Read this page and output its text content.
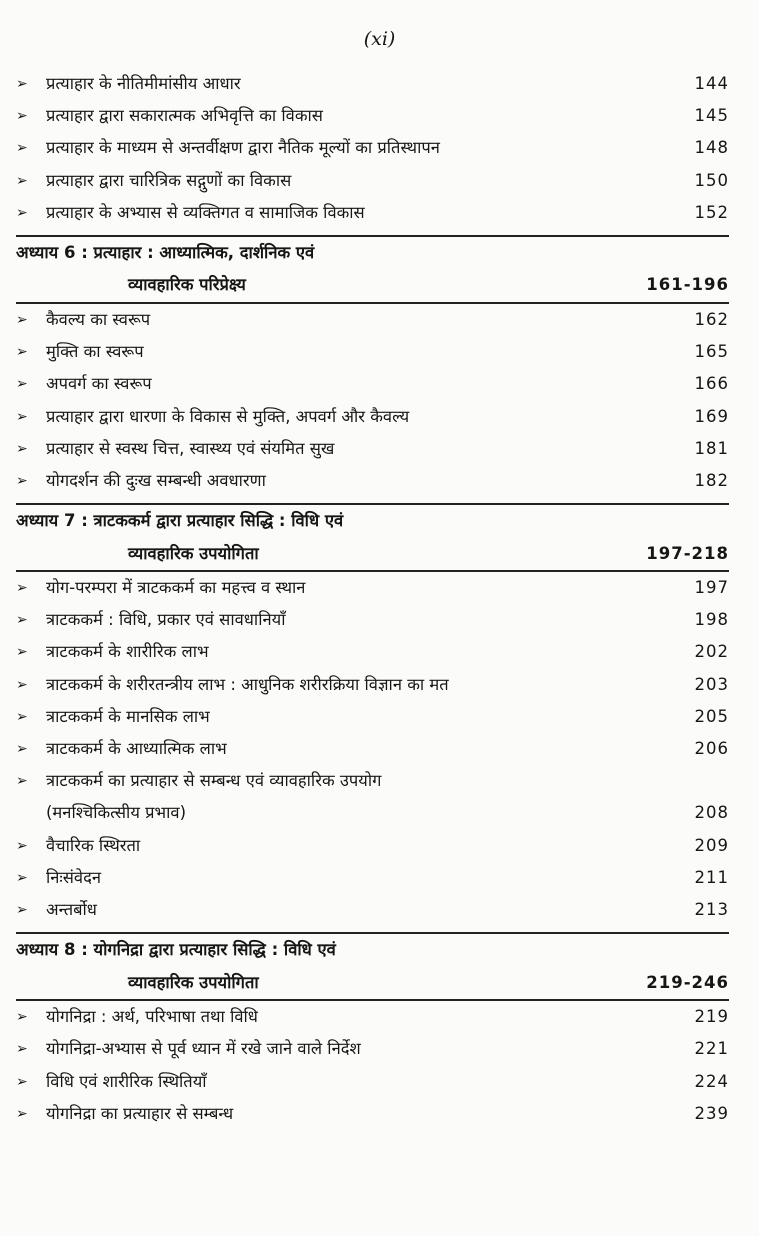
(xi)
➢	प्रत्याहार के नीतिमीमांसीय आधार	144
➢	प्रत्याहार द्वारा सकारात्मक अभिवृत्ति का विकास	145
➢	प्रत्याहार के माध्यम से अन्तर्वीक्षण द्वारा नैतिक मूल्यों का प्रतिस्थापन	148
➢	प्रत्याहार द्वारा चारित्रिक सद्गुणों का विकास	150
➢	प्रत्याहार के अभ्यास से व्यक्तिगत व सामाजिक विकास	152
अध्याय 6 : प्रत्याहार : आध्यात्मिक, दार्शनिक एवं
व्यावहारिक परिप्रेक्ष्य	161-196
➢	कैवल्य का स्वरूप	162
➢	मुक्ति का स्वरूप	165
➢	अपवर्ग का स्वरूप	166
➢	प्रत्याहार द्वारा धारणा के विकास से मुक्ति, अपवर्ग और कैवल्य	169
➢	प्रत्याहार से स्वस्थ चित्त, स्वास्थ्य एवं संयमित सुख	181
➢	योगदर्शन की दुःख सम्बन्धी अवधारणा	182
अध्याय 7 : त्राटककर्म द्वारा प्रत्याहार सिद्धि : विधि एवं
व्यावहारिक उपयोगिता	197-218
➢	योग-परम्परा में त्राटककर्म का महत्त्व व स्थान	197
➢	त्राटककर्म : विधि, प्रकार एवं सावधानियाँ	198
➢	त्राटककर्म के शारीरिक लाभ	202
➢	त्राटककर्म के शरीरतन्त्रीय लाभ : आधुनिक शरीरक्रिया विज्ञान का मत	203
➢	त्राटककर्म के मानसिक लाभ	205
➢	त्राटककर्म के आध्यात्मिक लाभ	206
➢	त्राटककर्म का प्रत्याहार से सम्बन्ध एवं व्यावहारिक उपयोग
(मनश्चिकित्सीय प्रभाव)	208
➢	वैचारिक स्थिरता	209
➢	निःसंवेदन	211
➢	अन्तर्बोध	213
अध्याय 8 : योगनिद्रा द्वारा प्रत्याहार सिद्धि : विधि एवं
व्यावहारिक उपयोगिता	219-246
➢	योगनिद्रा : अर्थ, परिभाषा तथा विधि	219
➢	योगनिद्रा-अभ्यास से पूर्व ध्यान में रखे जाने वाले निर्देश	221
➢	विधि एवं शारीरिक स्थितियाँ	224
➢	योगनिद्रा का प्रत्याहार से सम्बन्ध	239
